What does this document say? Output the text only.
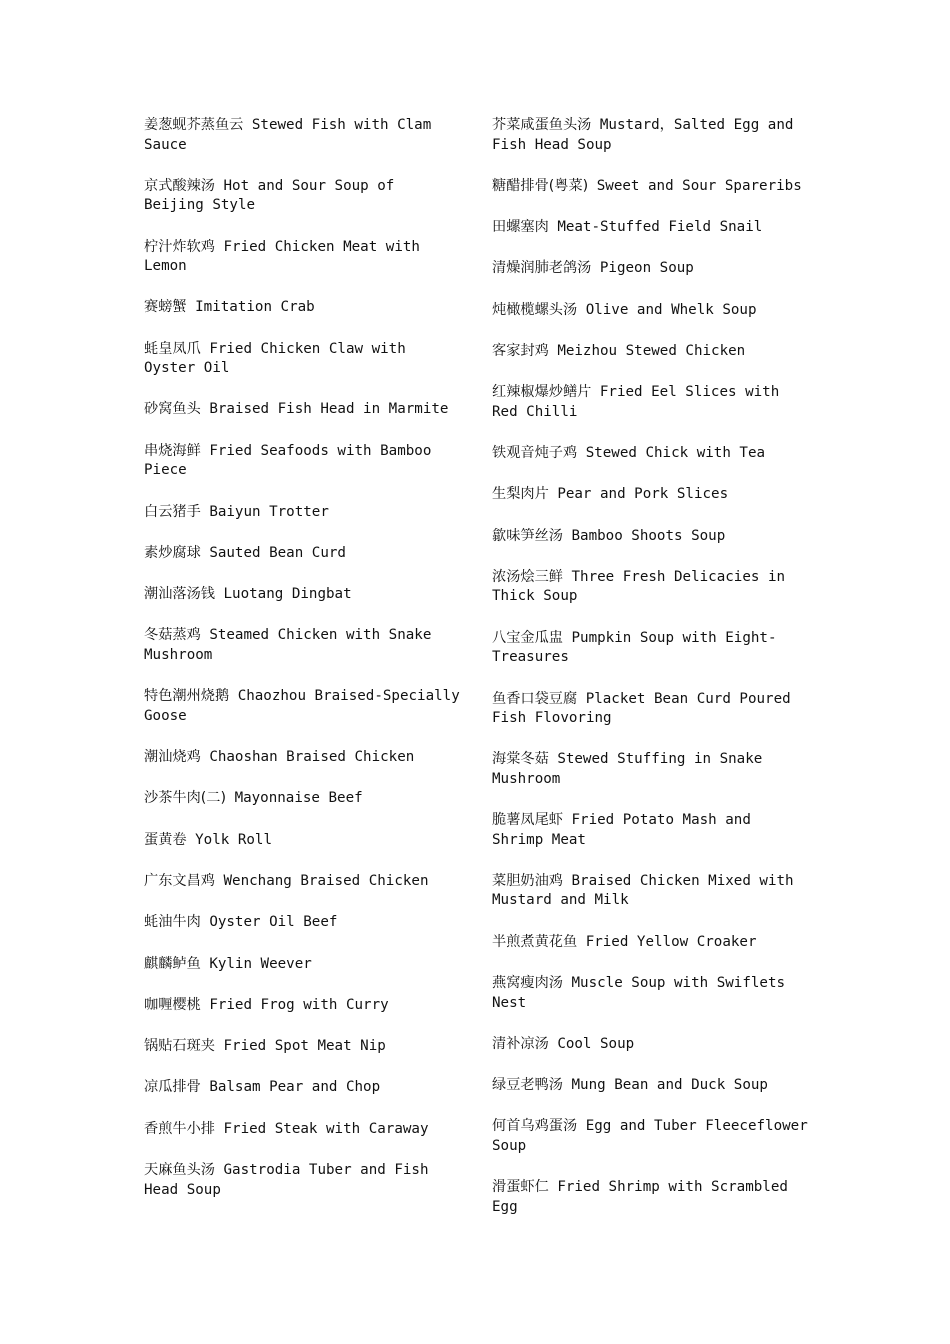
姜葱蚬芥蒸鱼云 Stewed Fish with Clam Sauce
京式酸辣汤 Hot and Sour Soup of Beijing Style
柠汁炸软鸡 Fried Chicken Meat with Lemon
赛螃蟹 Imitation Crab
蚝皇凤爪 Fried Chicken Claw with Oyster Oil
砂窝鱼头 Braised Fish Head in Marmite
串烧海鲜 Fried Seafoods with Bamboo Piece
白云猪手 Baiyun Trotter
素炒腐球 Sauted Bean Curd
潮汕落汤钱 Luotang Dingbat
冬菇蒸鸡 Steamed Chicken with Snake Mushroom
特色潮州烧鹅 Chaozhou Braised-Specially Goose
潮汕烧鸡 Chaoshan Braised Chicken
沙茶牛肉(二) Mayonnaise Beef
蛋黄卷 Yolk Roll
广东文昌鸡 Wenchang Braised Chicken
蚝油牛肉 Oyster Oil Beef
麒麟鲈鱼 Kylin Weever
咖喱樱桃 Fried Frog with Curry
锅贴石斑夹 Fried Spot Meat Nip
凉瓜排骨 Balsam Pear and Chop
香煎牛小排 Fried Steak with Caraway
天麻鱼头汤 Gastrodia Tuber and Fish Head Soup
芥菜咸蛋鱼头汤 Mustard，Salted Egg and Fish Head Soup
糖醋排骨(粤菜) Sweet and Sour Spareribs
田螺塞肉 Meat-Stuffed Field Snail
清燥润肺老鸽汤 Pigeon Soup
炖橄榄螺头汤 Olive and Whelk Soup
客家封鸡 Meizhou Stewed Chicken
红辣椒爆炒鳝片 Fried Eel Slices with Red Chilli
铁观音炖子鸡 Stewed Chick with Tea
生梨肉片 Pear and Pork Slices
歙味笋丝汤 Bamboo Shoots Soup
浓汤烩三鲜 Three Fresh Delicacies in Thick Soup
八宝金瓜盅 Pumpkin Soup with Eight-Treasures
鱼香口袋豆腐 Placket Bean Curd Poured Fish Flovoring
海棠冬菇 Stewed Stuffing in Snake Mushroom
脆薯凤尾虾 Fried Potato Mash and Shrimp Meat
菜胆奶油鸡 Braised Chicken Mixed with Mustard and Milk
半煎煮黄花鱼 Fried Yellow Croaker
燕窝瘦肉汤 Muscle Soup with Swiflets Nest
清补凉汤 Cool Soup
绿豆老鸭汤 Mung Bean and Duck Soup
何首乌鸡蛋汤 Egg and Tuber Fleeceflower Soup
滑蛋虾仁 Fried Shrimp with Scrambled Egg
